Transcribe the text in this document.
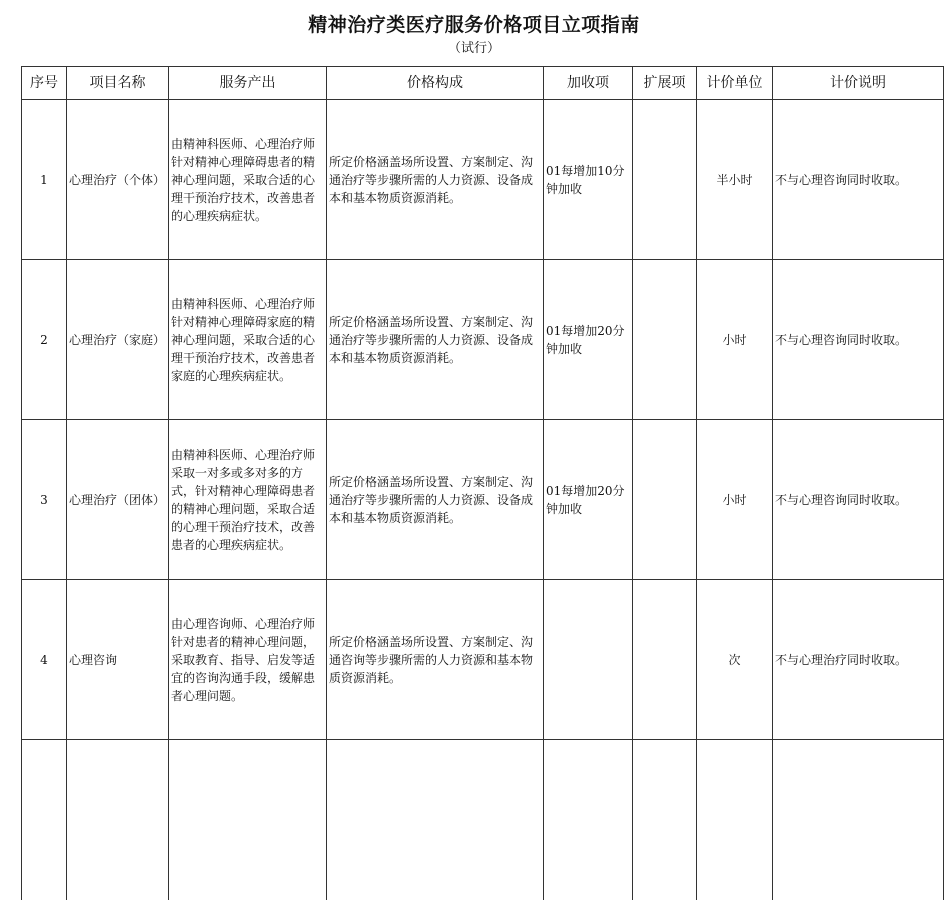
精神治疗类医疗服务价格项目立项指南
（试行）
序号	项目名称	服务产出	价格构成	加收项	扩展项	计价单位	计价说明
1	心理治疗（个体）	由精神科医师、心理治疗师针对精神心理障碍患者的精神心理问题，采取合适的心理干预治疗技术，改善患者的心理疾病症状。	所定价格涵盖场所设置、方案制定、沟通治疗等步骤所需的人力资源、设备成本和基本物质资源消耗。	01每增加10分钟加收		半小时	不与心理咨询同时收取。
2	心理治疗（家庭）	由精神科医师、心理治疗师针对精神心理障碍家庭的精神心理问题，采取合适的心理干预治疗技术，改善患者家庭的心理疾病症状。	所定价格涵盖场所设置、方案制定、沟通治疗等步骤所需的人力资源、设备成本和基本物质资源消耗。	01每增加20分钟加收		小时	不与心理咨询同时收取。
3	心理治疗（团体）	由精神科医师、心理治疗师采取一对多或多对多的方式，针对精神心理障碍患者的精神心理问题，采取合适的心理干预治疗技术，改善患者的心理疾病症状。	所定价格涵盖场所设置、方案制定、沟通治疗等步骤所需的人力资源、设备成本和基本物质资源消耗。	01每增加20分钟加收		小时	不与心理咨询同时收取。
4	心理咨询	由心理咨询师、心理治疗师针对患者的精神心理问题，采取教育、指导、启发等适宜的咨询沟通手段，缓解患者心理问题。	所定价格涵盖场所设置、方案制定、沟通咨询等步骤所需的人力资源和基本物质资源消耗。			次	不与心理治疗同时收取。
